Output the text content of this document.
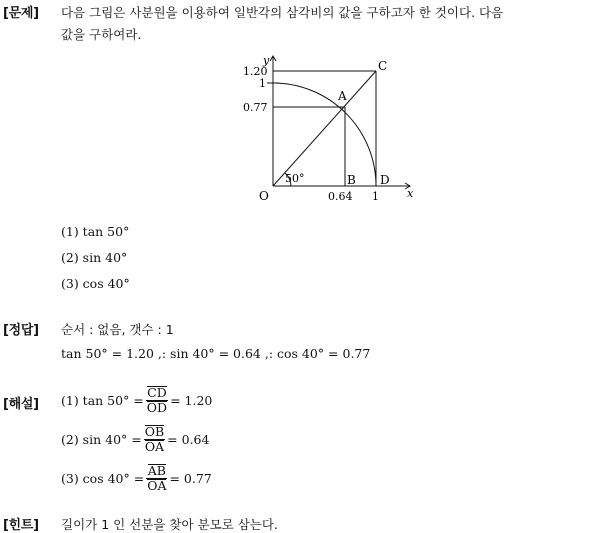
[문제] 다음 그림은 사분원을 이용하여 일반각의 삼각비의 값을 구하고자 한 것이다. 다음
값을 구하여라.
y
x
O
50°
A
B
C
D
1.20
1
0.77
0.64 1
(1) tan 50°
(2) sin 40°
(3) cos 40°
[정답] 순서 : 없음, 갯수 : 1
tan 50° = 1.20 ,: sin 40° = 0.64 ,: cos 40° = 0.77
[해설] (1) $\tan 50^\circ = \frac{CD}{OD} = 1.20$
(2) $\sin 40^\circ = \frac{OB}{OA} = 0.64$
(3) $\cos 40^\circ = \frac{AB}{OA} = 0.77$
[힌트] 길이가 1 인 선분을 찾아 분모로 삼는다.
